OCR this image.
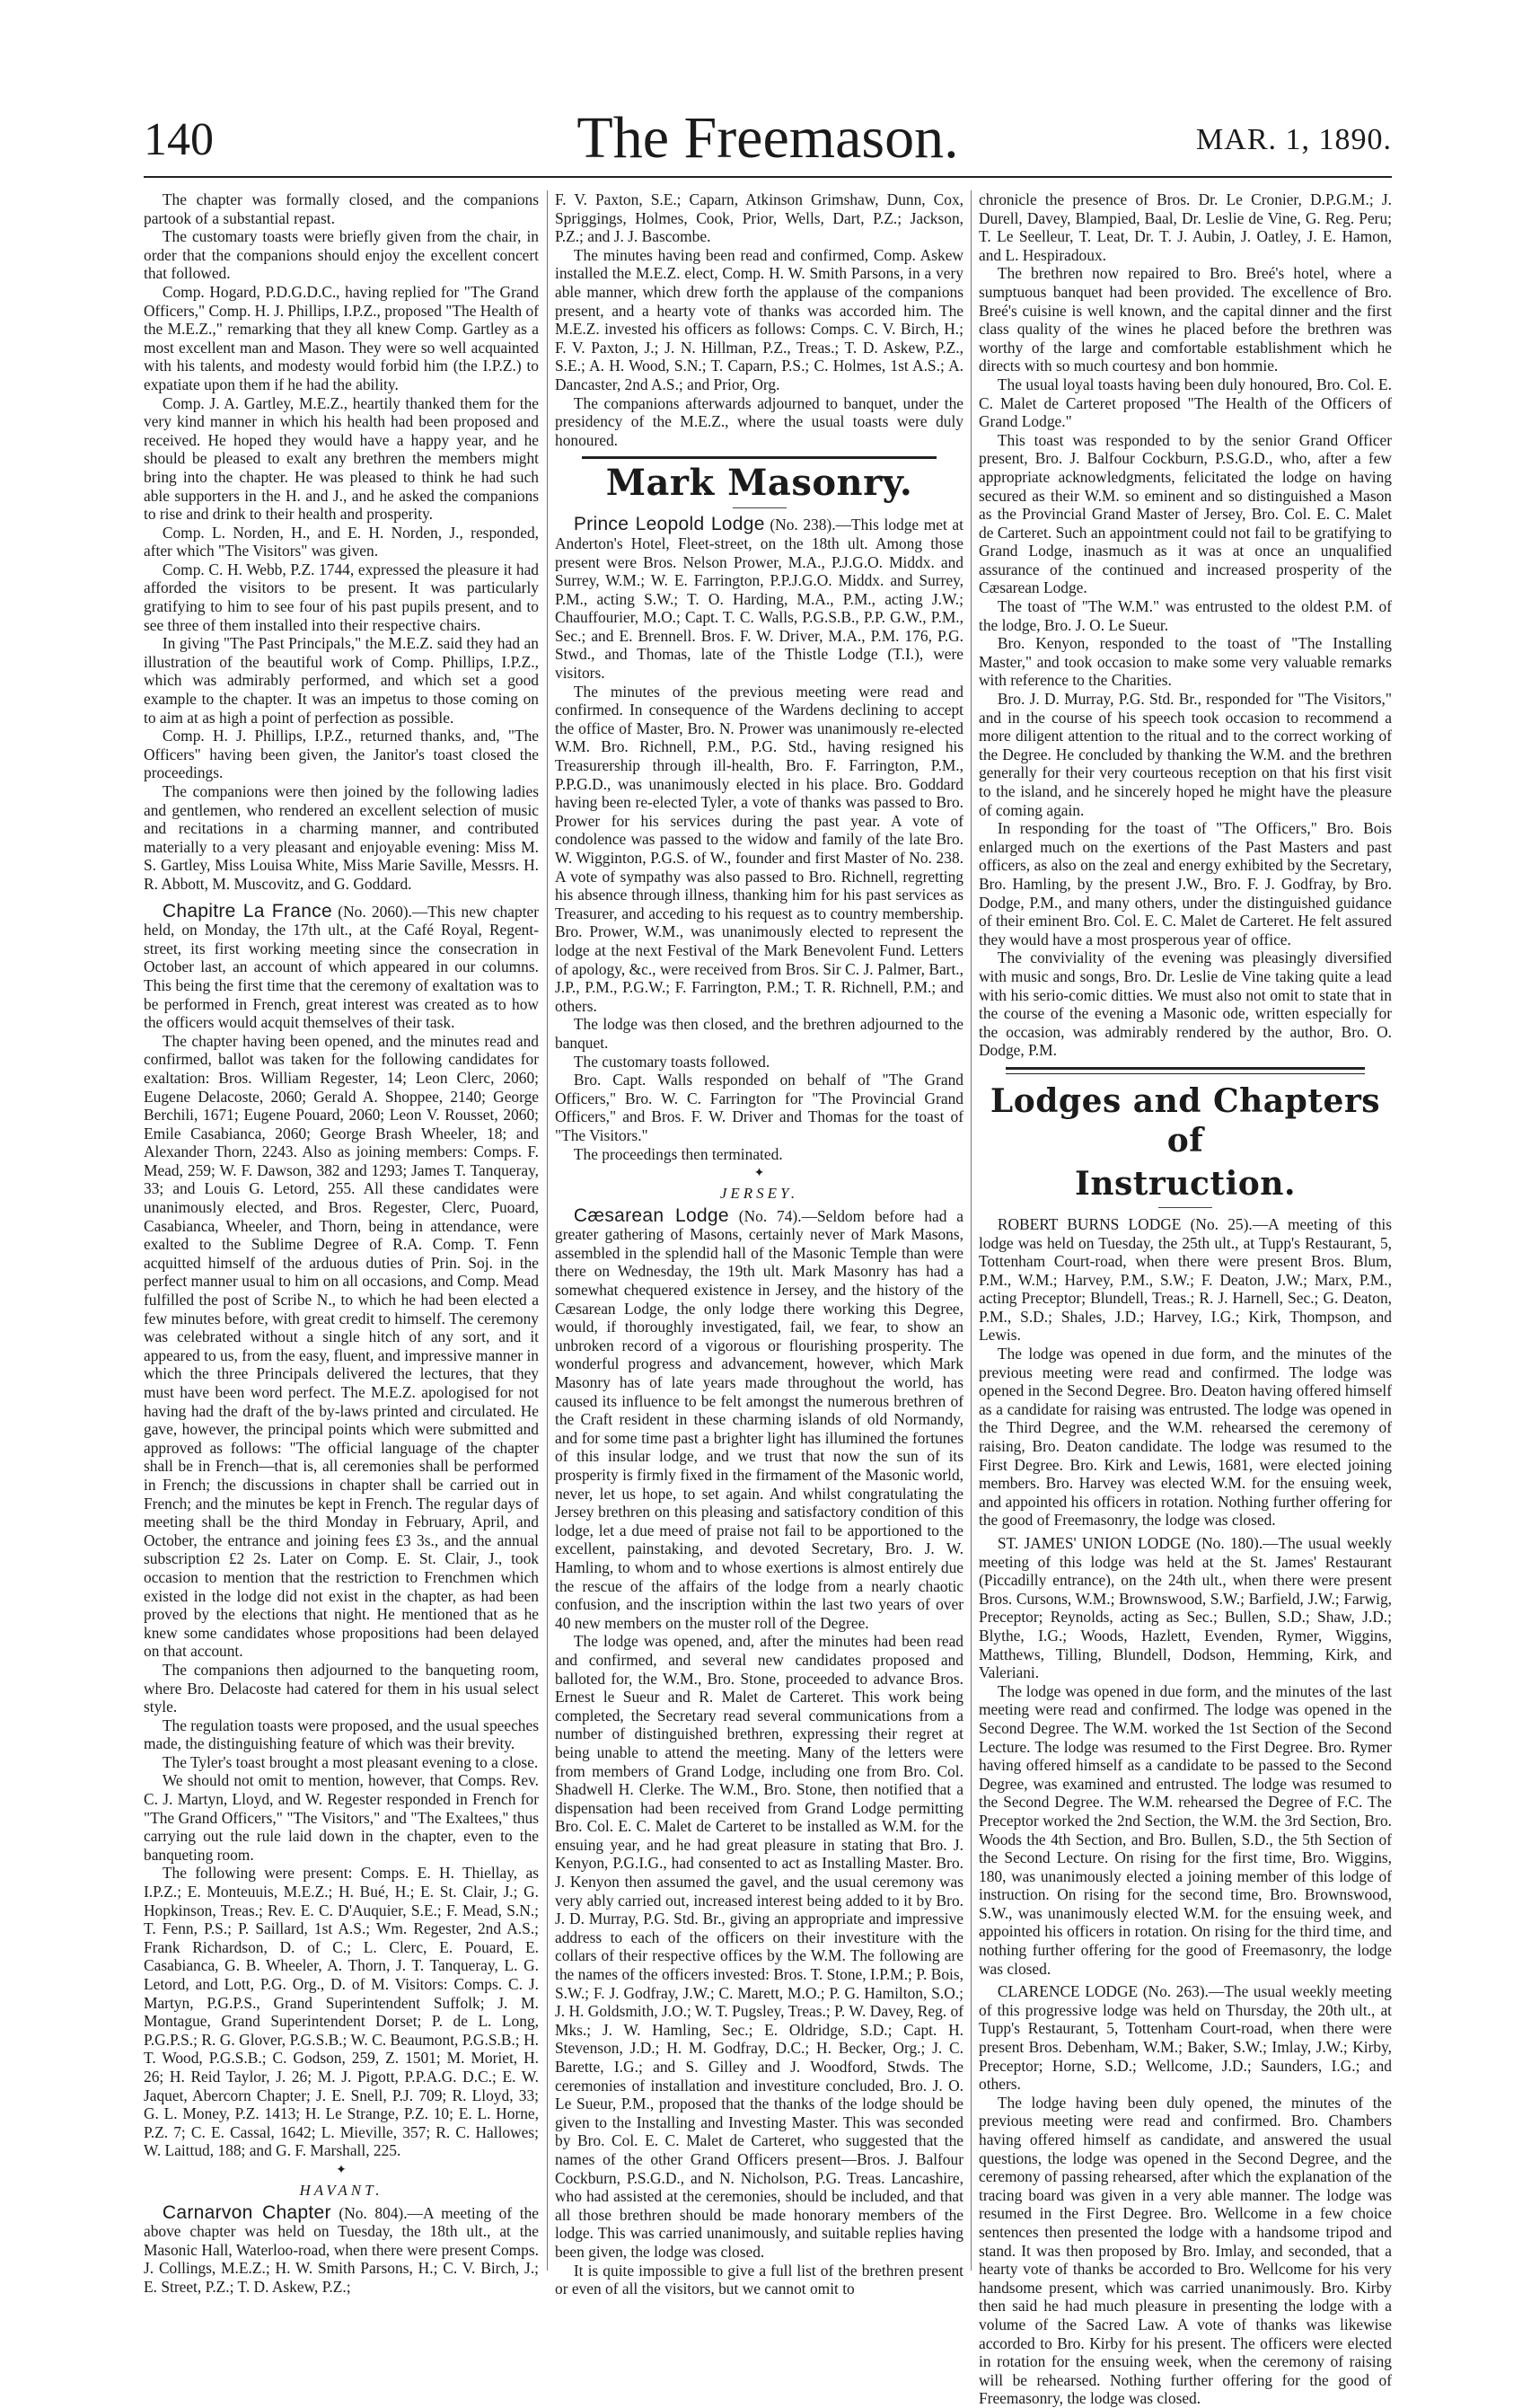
140	The Freemason.	MAR. 1, 1890.

The chapter was formally closed, and the companions partook of a substantial repast.

The customary toasts were briefly given from the chair, in order that the companions should enjoy the excellent concert that followed.

Comp. Hogard, P.D.G.D.C., having replied for "The Grand Officers," Comp. H. J. Phillips, I.P.Z., proposed "The Health of the M.E.Z.," remarking that they all knew Comp. Gartley as a most excellent man and Mason. They were so well acquainted with his talents, and modesty would forbid him (the I.P.Z.) to expatiate upon them if he had the ability.

Comp. J. A. Gartley, M.E.Z., heartily thanked them for the very kind manner in which his health had been proposed and received. He hoped they would have a happy year, and he should be pleased to exalt any brethren the members might bring into the chapter. He was pleased to think he had such able supporters in the H. and J., and he asked the companions to rise and drink to their health and prosperity.

Comp. L. Norden, H., and E. H. Norden, J., responded, after which "The Visitors" was given.

Comp. C. H. Webb, P.Z. 1744, expressed the pleasure it had afforded the visitors to be present. It was particularly gratifying to him to see four of his past pupils present, and to see three of them installed into their respective chairs.

In giving "The Past Principals," the M.E.Z. said they had an illustration of the beautiful work of Comp. Phillips, I.P.Z., which was admirably performed, and which set a good example to the chapter. It was an impetus to those coming on to aim at as high a point of perfection as possible.

Comp. H. J. Phillips, I.P.Z., returned thanks, and, "The Officers" having been given, the Janitor's toast closed the proceedings.

The companions were then joined by the following ladies and gentlemen, who rendered an excellent selection of music and recitations in a charming manner, and contributed materially to a very pleasant and enjoyable evening: Miss M. S. Gartley, Miss Louisa White, Miss Marie Saville, Messrs. H. R. Abbott, M. Muscovitz, and G. Goddard.

Chapitre La France (No. 2060).—This new chapter held, on Monday, the 17th ult., at the Café Royal, Regent-street, its first working meeting since the consecration in October last, an account of which appeared in our columns. This being the first time that the ceremony of exaltation was to be performed in French, great interest was created as to how the officers would acquit themselves of their task.

The chapter having been opened, and the minutes read and confirmed, ballot was taken for the following candidates for exaltation: Bros. William Regester, 14; Leon Clerc, 2060; Eugene Delacoste, 2060; Gerald A. Shoppee, 2140; George Berchili, 1671; Eugene Pouard, 2060; Leon V. Rousset, 2060; Emile Casabianca, 2060; George Brash Wheeler, 18; and Alexander Thorn, 2243. Also as joining members: Comps. F. Mead, 259; W. F. Dawson, 382 and 1293; James T. Tanqueray, 33; and Louis G. Letord, 255. All these candidates were unanimously elected, and Bros. Regester, Clerc, Puoard, Casabianca, Wheeler, and Thorn, being in attendance, were exalted to the Sublime Degree of R.A. Comp. T. Fenn acquitted himself of the arduous duties of Prin. Soj. in the perfect manner usual to him on all occasions, and Comp. Mead fulfilled the post of Scribe N., to which he had been elected a few minutes before, with great credit to himself. The ceremony was celebrated without a single hitch of any sort, and it appeared to us, from the easy, fluent, and impressive manner in which the three Principals delivered the lectures, that they must have been word perfect. The M.E.Z. apologised for not having had the draft of the by-laws printed and circulated. He gave, however, the principal points which were submitted and approved as follows: "The official language of the chapter shall be in French—that is, all ceremonies shall be performed in French; the discussions in chapter shall be carried out in French; and the minutes be kept in French. The regular days of meeting shall be the third Monday in February, April, and October, the entrance and joining fees £3 3s., and the annual subscription £2 2s. Later on Comp. E. St. Clair, J., took occasion to mention that the restriction to Frenchmen which existed in the lodge did not exist in the chapter, as had been proved by the elections that night. He mentioned that as he knew some candidates whose propositions had been delayed on that account.

The companions then adjourned to the banqueting room, where Bro. Delacoste had catered for them in his usual select style.

The regulation toasts were proposed, and the usual speeches made, the distinguishing feature of which was their brevity.

The Tyler's toast brought a most pleasant evening to a close.

We should not omit to mention, however, that Comps. Rev. C. J. Martyn, Lloyd, and W. Regester responded in French for "The Grand Officers," "The Visitors," and "The Exaltees," thus carrying out the rule laid down in the chapter, even to the banqueting room.

The following were present: Comps. E. H. Thiellay, as I.P.Z.; E. Monteuuis, M.E.Z.; H. Bué, H.; E. St. Clair, J.; G. Hopkinson, Treas.; Rev. E. C. D'Auquier, S.E.; F. Mead, S.N.; T. Fenn, P.S.; P. Saillard, 1st A.S.; Wm. Regester, 2nd A.S.; Frank Richardson, D. of C.; L. Clerc, E. Pouard, E. Casabianca, G. B. Wheeler, A. Thorn, J. T. Tanqueray, L. G. Letord, and Lott, P.G. Org., D. of M. Visitors: Comps. C. J. Martyn, P.G.P.S., Grand Superintendent Suffolk; J. M. Montague, Grand Superintendent Dorset; P. de L. Long, P.G.P.S.; R. G. Glover, P.G.S.B.; W. C. Beaumont, P.G.S.B.; H. T. Wood, P.G.S.B.; C. Godson, 259, Z. 1501; M. Moriet, H. 26; H. Reid Taylor, J. 26; M. J. Pigott, P.P.A.G. D.C.; E. W. Jaquet, Abercorn Chapter; J. E. Snell, P.J. 709; R. Lloyd, 33; G. L. Money, P.Z. 1413; H. Le Strange, P.Z. 10; E. L. Horne, P.Z. 7; C. E. Cassal, 1642; L. Mieville, 357; R. C. Hallowes; W. Laittud, 188; and G. F. Marshall, 225.

✦
HAVANT.

Carnarvon Chapter (No. 804).—A meeting of the above chapter was held on Tuesday, the 18th ult., at the Masonic Hall, Waterloo-road, when there were present Comps. J. Collings, M.E.Z.; H. W. Smith Parsons, H.; C. V. Birch, J.; E. Street, P.Z.; T. D. Askew, P.Z.;

F. V. Paxton, S.E.; Caparn, Atkinson Grimshaw, Dunn, Cox, Spriggings, Holmes, Cook, Prior, Wells, Dart, P.Z.; Jackson, P.Z.; and J. J. Bascombe.

The minutes having been read and confirmed, Comp. Askew installed the M.E.Z. elect, Comp. H. W. Smith Parsons, in a very able manner, which drew forth the applause of the companions present, and a hearty vote of thanks was accorded him. The M.E.Z. invested his officers as follows: Comps. C. V. Birch, H.; F. V. Paxton, J.; J. N. Hillman, P.Z., Treas.; T. D. Askew, P.Z., S.E.; A. H. Wood, S.N.; T. Caparn, P.S.; C. Holmes, 1st A.S.; A. Dancaster, 2nd A.S.; and Prior, Org.

The companions afterwards adjourned to banquet, under the presidency of the M.E.Z., where the usual toasts were duly honoured.

Mark Masonry.

Prince Leopold Lodge (No. 238).—This lodge met at Anderton's Hotel, Fleet-street, on the 18th ult. Among those present were Bros. Nelson Prower, M.A., P.J.G.O. Middx. and Surrey, W.M.; W. E. Farrington, P.P.J.G.O. Middx. and Surrey, P.M., acting S.W.; T. O. Harding, M.A., P.M., acting J.W.; Chauffourier, M.O.; Capt. T. C. Walls, P.G.S.B., P.P. G.W., P.M., Sec.; and E. Brennell. Bros. F. W. Driver, M.A., P.M. 176, P.G. Stwd., and Thomas, late of the Thistle Lodge (T.I.), were visitors.

The minutes of the previous meeting were read and confirmed. In consequence of the Wardens declining to accept the office of Master, Bro. N. Prower was unanimously re-elected W.M. Bro. Richnell, P.M., P.G. Std., having resigned his Treasurership through ill-health, Bro. F. Farrington, P.M., P.P.G.D., was unanimously elected in his place. Bro. Goddard having been re-elected Tyler, a vote of thanks was passed to Bro. Prower for his services during the past year. A vote of condolence was passed to the widow and family of the late Bro. W. Wigginton, P.G.S. of W., founder and first Master of No. 238. A vote of sympathy was also passed to Bro. Richnell, regretting his absence through illness, thanking him for his past services as Treasurer, and acceding to his request as to country membership. Bro. Prower, W.M., was unanimously elected to represent the lodge at the next Festival of the Mark Benevolent Fund. Letters of apology, &c., were received from Bros. Sir C. J. Palmer, Bart., J.P., P.M., P.G.W.; F. Farrington, P.M.; T. R. Richnell, P.M.; and others.

The lodge was then closed, and the brethren adjourned to the banquet.

The customary toasts followed.

Bro. Capt. Walls responded on behalf of "The Grand Officers," Bro. W. C. Farrington for "The Provincial Grand Officers," and Bros. F. W. Driver and Thomas for the toast of "The Visitors."

The proceedings then terminated.

✦
JERSEY.

Cæsarean Lodge (No. 74).—Seldom before had a greater gathering of Masons, certainly never of Mark Masons, assembled in the splendid hall of the Masonic Temple than were there on Wednesday, the 19th ult. Mark Masonry has had a somewhat chequered existence in Jersey, and the history of the Cæsarean Lodge, the only lodge there working this Degree, would, if thoroughly investigated, fail, we fear, to show an unbroken record of a vigorous or flourishing prosperity. The wonderful progress and advancement, however, which Mark Masonry has of late years made throughout the world, has caused its influence to be felt amongst the numerous brethren of the Craft resident in these charming islands of old Normandy, and for some time past a brighter light has illumined the fortunes of this insular lodge, and we trust that now the sun of its prosperity is firmly fixed in the firmament of the Masonic world, never, let us hope, to set again. And whilst congratulating the Jersey brethren on this pleasing and satisfactory condition of this lodge, let a due meed of praise not fail to be apportioned to the excellent, painstaking, and devoted Secretary, Bro. J. W. Hamling, to whom and to whose exertions is almost entirely due the rescue of the affairs of the lodge from a nearly chaotic confusion, and the inscription within the last two years of over 40 new members on the muster roll of the Degree.

The lodge was opened, and, after the minutes had been read and confirmed, and several new candidates proposed and balloted for, the W.M., Bro. Stone, proceeded to advance Bros. Ernest le Sueur and R. Malet de Carteret. This work being completed, the Secretary read several communications from a number of distinguished brethren, expressing their regret at being unable to attend the meeting. Many of the letters were from members of Grand Lodge, including one from Bro. Col. Shadwell H. Clerke. The W.M., Bro. Stone, then notified that a dispensation had been received from Grand Lodge permitting Bro. Col. E. C. Malet de Carteret to be installed as W.M. for the ensuing year, and he had great pleasure in stating that Bro. J. Kenyon, P.G.I.G., had consented to act as Installing Master. Bro. J. Kenyon then assumed the gavel, and the usual ceremony was very ably carried out, increased interest being added to it by Bro. J. D. Murray, P.G. Std. Br., giving an appropriate and impressive address to each of the officers on their investiture with the collars of their respective offices by the W.M. The following are the names of the officers invested: Bros. T. Stone, I.P.M.; P. Bois, S.W.; F. J. Godfray, J.W.; C. Marett, M.O.; P. G. Hamilton, S.O.; J. H. Goldsmith, J.O.; W. T. Pugsley, Treas.; P. W. Davey, Reg. of Mks.; J. W. Hamling, Sec.; E. Oldridge, S.D.; Capt. H. Stevenson, J.D.; H. M. Godfray, D.C.; H. Becker, Org.; J. C. Barette, I.G.; and S. Gilley and J. Woodford, Stwds. The ceremonies of installation and investiture concluded, Bro. J. O. Le Sueur, P.M., proposed that the thanks of the lodge should be given to the Installing and Investing Master. This was seconded by Bro. Col. E. C. Malet de Carteret, who suggested that the names of the other Grand Officers present—Bros. J. Balfour Cockburn, P.S.G.D., and N. Nicholson, P.G. Treas. Lancashire, who had assisted at the ceremonies, should be included, and that all those brethren should be made honorary members of the lodge. This was carried unanimously, and suitable replies having been given, the lodge was closed.

It is quite impossible to give a full list of the brethren present or even of all the visitors, but we cannot omit to

chronicle the presence of Bros. Dr. Le Cronier, D.P.G.M.; J. Durell, Davey, Blampied, Baal, Dr. Leslie de Vine, G. Reg. Peru; T. Le Seelleur, T. Leat, Dr. T. J. Aubin, J. Oatley, J. E. Hamon, and L. Hespiradoux.

The brethren now repaired to Bro. Breé's hotel, where a sumptuous banquet had been provided. The excellence of Bro. Breé's cuisine is well known, and the capital dinner and the first class quality of the wines he placed before the brethren was worthy of the large and comfortable establishment which he directs with so much courtesy and bon hommie.

The usual loyal toasts having been duly honoured, Bro. Col. E. C. Malet de Carteret proposed "The Health of the Officers of Grand Lodge."

This toast was responded to by the senior Grand Officer present, Bro. J. Balfour Cockburn, P.S.G.D., who, after a few appropriate acknowledgments, felicitated the lodge on having secured as their W.M. so eminent and so distinguished a Mason as the Provincial Grand Master of Jersey, Bro. Col. E. C. Malet de Carteret. Such an appointment could not fail to be gratifying to Grand Lodge, inasmuch as it was at once an unqualified assurance of the continued and increased prosperity of the Cæsarean Lodge.

The toast of "The W.M." was entrusted to the oldest P.M. of the lodge, Bro. J. O. Le Sueur.

Bro. Kenyon, responded to the toast of "The Installing Master," and took occasion to make some very valuable remarks with reference to the Charities.

Bro. J. D. Murray, P.G. Std. Br., responded for "The Visitors," and in the course of his speech took occasion to recommend a more diligent attention to the ritual and to the correct working of the Degree. He concluded by thanking the W.M. and the brethren generally for their very courteous reception on that his first visit to the island, and he sincerely hoped he might have the pleasure of coming again.

In responding for the toast of "The Officers," Bro. Bois enlarged much on the exertions of the Past Masters and past officers, as also on the zeal and energy exhibited by the Secretary, Bro. Hamling, by the present J.W., Bro. F. J. Godfray, by Bro. Dodge, P.M., and many others, under the distinguished guidance of their eminent Bro. Col. E. C. Malet de Carteret. He felt assured they would have a most prosperous year of office.

The conviviality of the evening was pleasingly diversified with music and songs, Bro. Dr. Leslie de Vine taking quite a lead with his serio-comic ditties. We must also not omit to state that in the course of the evening a Masonic ode, written especially for the occasion, was admirably rendered by the author, Bro. O. Dodge, P.M.

Lodges and Chapters of
Instruction.

ROBERT BURNS LODGE (No. 25).—A meeting of this lodge was held on Tuesday, the 25th ult., at Tupp's Restaurant, 5, Tottenham Court-road, when there were present Bros. Blum, P.M., W.M.; Harvey, P.M., S.W.; F. Deaton, J.W.; Marx, P.M., acting Preceptor; Blundell, Treas.; R. J. Harnell, Sec.; G. Deaton, P.M., S.D.; Shales, J.D.; Harvey, I.G.; Kirk, Thompson, and Lewis.

The lodge was opened in due form, and the minutes of the previous meeting were read and confirmed. The lodge was opened in the Second Degree. Bro. Deaton having offered himself as a candidate for raising was entrusted. The lodge was opened in the Third Degree, and the W.M. rehearsed the ceremony of raising, Bro. Deaton candidate. The lodge was resumed to the First Degree. Bro. Kirk and Lewis, 1681, were elected joining members. Bro. Harvey was elected W.M. for the ensuing week, and appointed his officers in rotation. Nothing further offering for the good of Freemasonry, the lodge was closed.

ST. JAMES' UNION LODGE (No. 180).—The usual weekly meeting of this lodge was held at the St. James' Restaurant (Piccadilly entrance), on the 24th ult., when there were present Bros. Cursons, W.M.; Brownswood, S.W.; Barfield, J.W.; Farwig, Preceptor; Reynolds, acting as Sec.; Bullen, S.D.; Shaw, J.D.; Blythe, I.G.; Woods, Hazlett, Evenden, Rymer, Wiggins, Matthews, Tilling, Blundell, Dodson, Hemming, Kirk, and Valeriani.

The lodge was opened in due form, and the minutes of the last meeting were read and confirmed. The lodge was opened in the Second Degree. The W.M. worked the 1st Section of the Second Lecture. The lodge was resumed to the First Degree. Bro. Rymer having offered himself as a candidate to be passed to the Second Degree, was examined and entrusted. The lodge was resumed to the Second Degree. The W.M. rehearsed the Degree of F.C. The Preceptor worked the 2nd Section, the W.M. the 3rd Section, Bro. Woods the 4th Section, and Bro. Bullen, S.D., the 5th Section of the Second Lecture. On rising for the first time, Bro. Wiggins, 180, was unanimously elected a joining member of this lodge of instruction. On rising for the second time, Bro. Brownswood, S.W., was unanimously elected W.M. for the ensuing week, and appointed his officers in rotation. On rising for the third time, and nothing further offering for the good of Freemasonry, the lodge was closed.

CLARENCE LODGE (No. 263).—The usual weekly meeting of this progressive lodge was held on Thursday, the 20th ult., at Tupp's Restaurant, 5, Tottenham Court-road, when there were present Bros. Debenham, W.M.; Baker, S.W.; Imlay, J.W.; Kirby, Preceptor; Horne, S.D.; Wellcome, J.D.; Saunders, I.G.; and others.

The lodge having been duly opened, the minutes of the previous meeting were read and confirmed. Bro. Chambers having offered himself as candidate, and answered the usual questions, the lodge was opened in the Second Degree, and the ceremony of passing rehearsed, after which the explanation of the tracing board was given in a very able manner. The lodge was resumed in the First Degree. Bro. Wellcome in a few choice sentences then presented the lodge with a handsome tripod and stand. It was then proposed by Bro. Imlay, and seconded, that a hearty vote of thanks be accorded to Bro. Wellcome for his very handsome present, which was carried unanimously. Bro. Kirby then said he had much pleasure in presenting the lodge with a volume of the Sacred Law. A vote of thanks was likewise accorded to Bro. Kirby for his present. The officers were elected in rotation for the ensuing week, when the ceremony of raising will be rehearsed. Nothing further offering for the good of Freemasonry, the lodge was closed.
